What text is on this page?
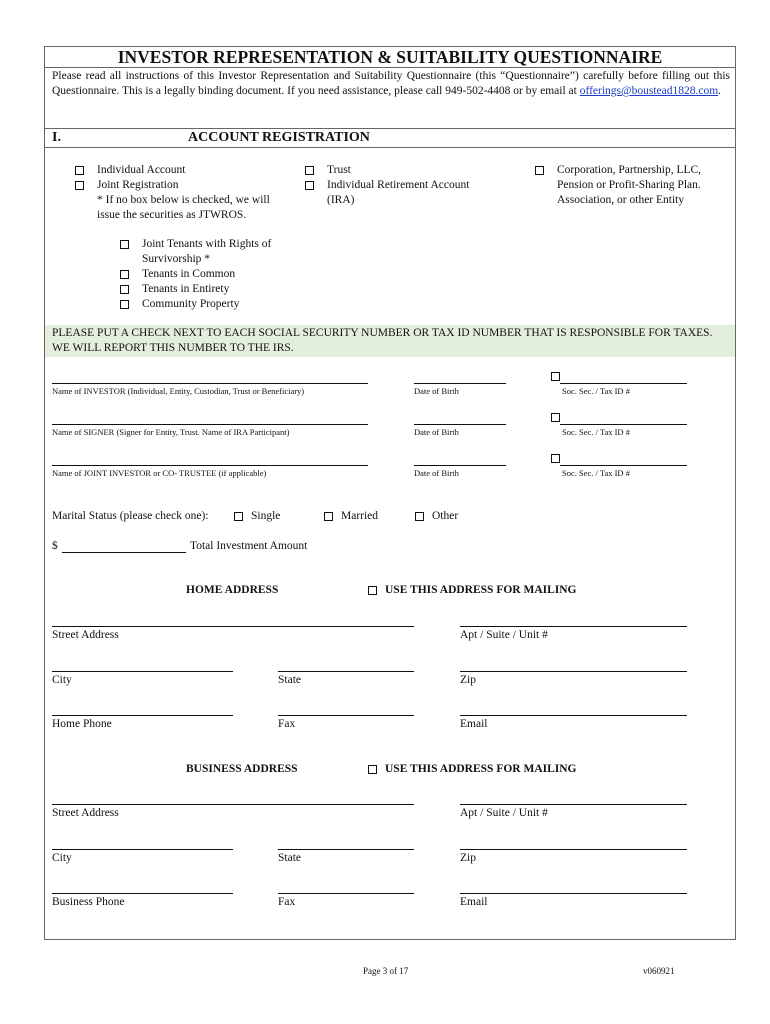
INVESTOR REPRESENTATION & SUITABILITY QUESTIONNAIRE
Please read all instructions of this Investor Representation and Suitability Questionnaire (this “Questionnaire”) carefully before filling out this Questionnaire. This is a legally binding document. If you need assistance, please call 949-502-4408 or by email at offerings@boustead1828.com.
I.	ACCOUNT REGISTRATION
Individual Account
Joint Registration
* If no box below is checked, we will issue the securities as JTWROS.
Joint Tenants with Rights of Survivorship *
Tenants in Common
Tenants in Entirety
Community Property
Trust
Individual Retirement Account (IRA)
Corporation, Partnership, LLC, Pension or Profit-Sharing Plan. Association, or other Entity
PLEASE PUT A CHECK NEXT TO EACH SOCIAL SECURITY NUMBER OR TAX ID NUMBER THAT IS RESPONSIBLE FOR TAXES. WE WILL REPORT THIS NUMBER TO THE IRS.
Name of INVESTOR (Individual, Entity, Custodian, Trust or Beneficiary)	Date of Birth	Soc. Sec. / Tax ID #
Name of SIGNER (Signer for Entity, Trust. Name of IRA Participant)	Date of Birth	Soc. Sec. / Tax ID #
Name of JOINT INVESTOR or CO- TRUSTEE (if applicable)	Date of Birth	Soc. Sec. / Tax ID #
Marital Status (please check one):	Single	Married	Other
$	Total Investment Amount
HOME ADDRESS	USE THIS ADDRESS FOR MAILING
Street Address	Apt / Suite / Unit #
City	State	Zip
Home Phone	Fax	Email
BUSINESS ADDRESS	USE THIS ADDRESS FOR MAILING
Street Address	Apt / Suite / Unit #
City	State	Zip
Business Phone	Fax	Email
Page 3 of 17	v060921
